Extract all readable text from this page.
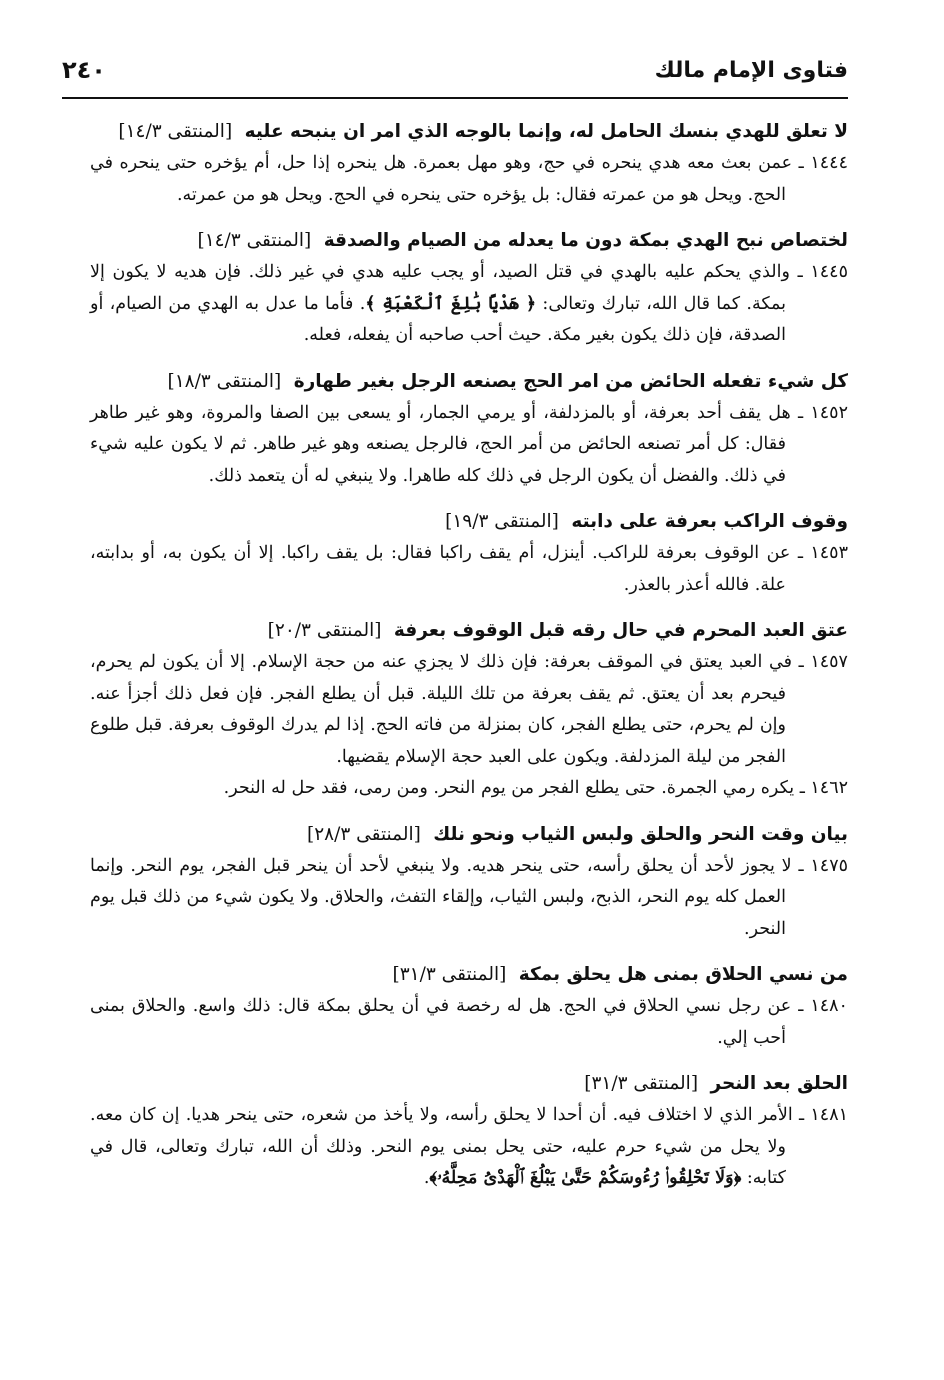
فتاوى الإمام مالك
٢٤٠
لا تعلق للهدي بنسك الحامل له، وإنما بالوجه الذي امر ان ينبحه عليه [المنتقى ١٤/٣]
١٤٤٤ ـ عمن بعث معه هدي ينحره في حج، وهو مهل بعمرة. هل ينحره إذا حل، أم يؤخره حتى ينحره في الحج. ويحل هو من عمرته فقال: بل يؤخره حتى ينحره في الحج. ويحل هو من عمرته.
لختصاص نبح الهدي بمكة دون ما يعدله من الصيام والصدقة [المنتقى ١٤/٣]
١٤٤٥ ـ والذي يحكم عليه بالهدي في قتل الصيد، أو يجب عليه هدي في غير ذلك. فإن هديه لا يكون إلا بمكة. كما قال الله، تبارك وتعالى: ﴿ هَدْيًا بَٰلِغَ ٱلْكَعْبَةِ ﴾. فأما ما عدل به الهدي من الصيام، أو الصدقة، فإن ذلك يكون بغير مكة. حيث أحب صاحبه أن يفعله، فعله.
كل شيء تفعله الحائض من امر الحج يصنعه الرجل بغير طهارة [المنتقى ١٨/٣]
١٤٥٢ ـ هل يقف أحد بعرفة، أو بالمزدلفة، أو يرمي الجمار، أو يسعى بين الصفا والمروة، وهو غير طاهر فقال: كل أمر تصنعه الحائض من أمر الحج، فالرجل يصنعه وهو غير طاهر. ثم لا يكون عليه شيء في ذلك. والفضل أن يكون الرجل في ذلك كله طاهرا. ولا ينبغي له أن يتعمد ذلك.
وقوف الراكب بعرفة على دابته [المنتقى ١٩/٣]
١٤٥٣ ـ عن الوقوف بعرفة للراكب. أينزل، أم يقف راكبا فقال: بل يقف راكبا. إلا أن يكون به، أو بدابته، علة. فالله أعذر بالعذر.
عتق العبد المحرم في حال رقه قبل الوقوف بعرفة [المنتقى ٢٠/٣]
١٤٥٧ ـ في العبد يعتق في الموقف بعرفة: فإن ذلك لا يجزي عنه من حجة الإسلام. إلا أن يكون لم يحرم، فيحرم بعد أن يعتق. ثم يقف بعرفة من تلك الليلة. قبل أن يطلع الفجر. فإن فعل ذلك أجزأ عنه. وإن لم يحرم، حتى يطلع الفجر، كان بمنزلة من فاته الحج. إذا لم يدرك الوقوف بعرفة. قبل طلوع الفجر من ليلة المزدلفة. ويكون على العبد حجة الإسلام يقضيها.
١٤٦٢ ـ يكره رمي الجمرة. حتى يطلع الفجر من يوم النحر. ومن رمى، فقد حل له النحر.
بيان وقت النحر والحلق ولبس الثياب ونحو نلك [المنتقى ٢٨/٣]
١٤٧٥ ـ لا يجوز لأحد أن يحلق رأسه، حتى ينحر هديه. ولا ينبغي لأحد أن ينحر قبل الفجر، يوم النحر. وإنما العمل كله يوم النحر، الذبح، ولبس الثياب، وإلقاء التفث، والحلاق. ولا يكون شيء من ذلك قبل يوم النحر.
من نسي الحلاق بمنى هل يحلق بمكة [المنتقى ٣١/٣]
١٤٨٠ ـ عن رجل نسي الحلاق في الحج. هل له رخصة في أن يحلق بمكة قال: ذلك واسع. والحلاق بمنى أحب إلي.
الحلق بعد النحر [المنتقى ٣١/٣]
١٤٨١ ـ الأمر الذي لا اختلاف فيه. أن أحدا لا يحلق رأسه، ولا يأخذ من شعره، حتى ينحر هديا. إن كان معه. ولا يحل من شيء حرم عليه، حتى يحل بمنى يوم النحر. وذلك أن الله، تبارك وتعالى، قال في كتابه: ﴿وَلَا تَحْلِقُوا۟ رُءُوسَكُمْ حَتَّىٰ يَبْلُغَ ٱلْهَدْىُ مَحِلَّهُۥ﴾.
